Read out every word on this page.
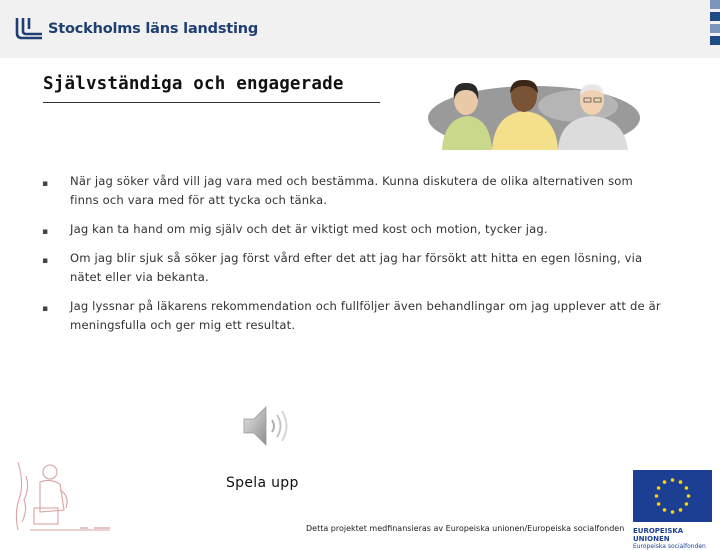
Stockholms läns landsting
Självständiga och engagerade
▪ När jag söker vård vill jag vara med och bestämma. Kunna diskutera de olika alternativen som finns och vara med för att tycka och tänka.
▪ Jag kan ta hand om mig själv och det är viktigt med kost och motion, tycker jag.
▪ Om jag blir sjuk så söker jag först vård efter det att jag har försökt att hitta en egen lösning, via nätet eller via bekanta.
▪ Jag lyssnar på läkarens rekommendation och fullföljer även behandlingar om jag upplever att de är meningsfulla och ger mig ett resultat.
Spela upp
Detta projektet medfinansieras av Europeiska unionen/Europeiska socialfonden EUROPEISKA UNIONEN
Europeiska socialfonden
